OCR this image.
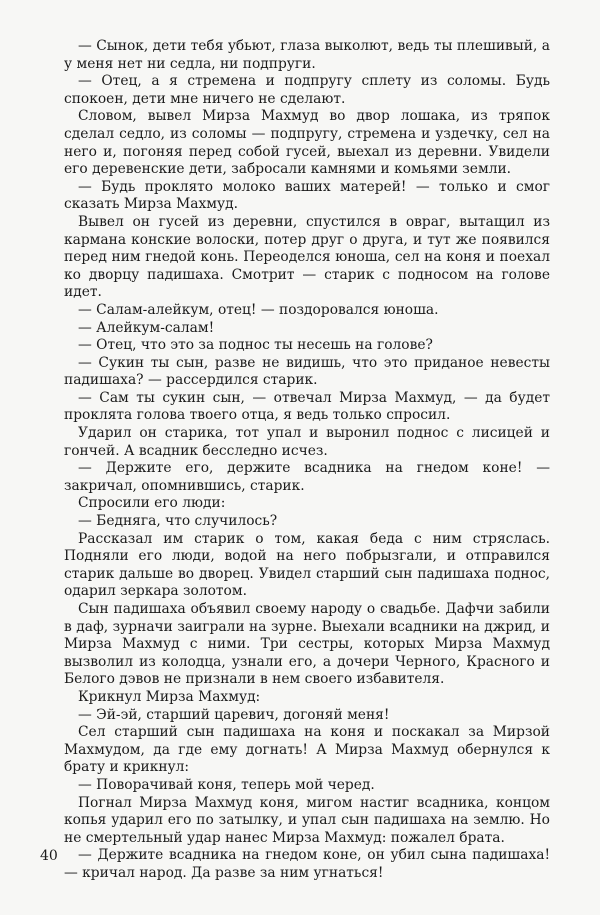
— Сынок, дети тебя убьют, глаза выколют, ведь ты плешивый, а у меня нет ни седла, ни подпруги.

— Отец, а я стремена и подпругу сплету из соломы. Будь спокоен, дети мне ничего не сделают.

Словом, вывел Мирза Махмуд во двор лошака, из тряпок сделал седло, из соломы — подпругу, стремена и уздечку, сел на него и, погоняя перед собой гусей, выехал из деревни. Увидели его деревенские дети, забросали камнями и комьями земли.

— Будь проклято молоко ваших матерей! — только и смог сказать Мирза Махмуд.

Вывел он гусей из деревни, спустился в овраг, вытащил из кармана конские волоски, потер друг о друга, и тут же появился перед ним гнедой конь. Переоделся юноша, сел на коня и поехал ко дворцу падишаха. Смотрит — старик с подносом на голове идет.

— Салам-алейкум, отец! — поздоровался юноша.

— Алейкум-салам!

— Отец, что это за поднос ты несешь на голове?

— Сукин ты сын, разве не видишь, что это приданое невесты падишаха? — рассердился старик.

— Сам ты сукин сын, — отвечал Мирза Махмуд, — да будет проклята голова твоего отца, я ведь только спросил.

Ударил он старика, тот упал и выронил поднос с лисицей и гончей. А всадник бесследно исчез.

— Держите его, держите всадника на гнедом коне! — закричал, опомнившись, старик.

Спросили его люди:

— Бедняга, что случилось?

Рассказал им старик о том, какая беда с ним стряслась. Подняли его люди, водой на него побрызгали, и отправился старик дальше во дворец. Увидел старший сын падишаха поднос, одарил зеркара золотом.

Сын падишаха объявил своему народу о свадьбе. Дафчи забили в даф, зурначи заиграли на зурне. Выехали всадники на джрид, и Мирза Махмуд с ними. Три сестры, которых Мирза Махмуд вызволил из колодца, узнали его, а дочери Черного, Красного и Белого дэвов не признали в нем своего избавителя.

Крикнул Мирза Махмуд:

— Эй-эй, старший царевич, догоняй меня!

Сел старший сын падишаха на коня и поскакал за Мирзой Махмудом, да где ему догнать! А Мирза Махмуд обернулся к брату и крикнул:

— Поворачивай коня, теперь мой черед.

Погнал Мирза Махмуд коня, мигом настиг всадника, концом копья ударил его по затылку, и упал сын падишаха на землю. Но не смертельный удар нанес Мирза Махмуд: пожалел брата.

— Держите всадника на гнедом коне, он убил сына падишаха! — кричал народ. Да разве за ним угнаться!

40
